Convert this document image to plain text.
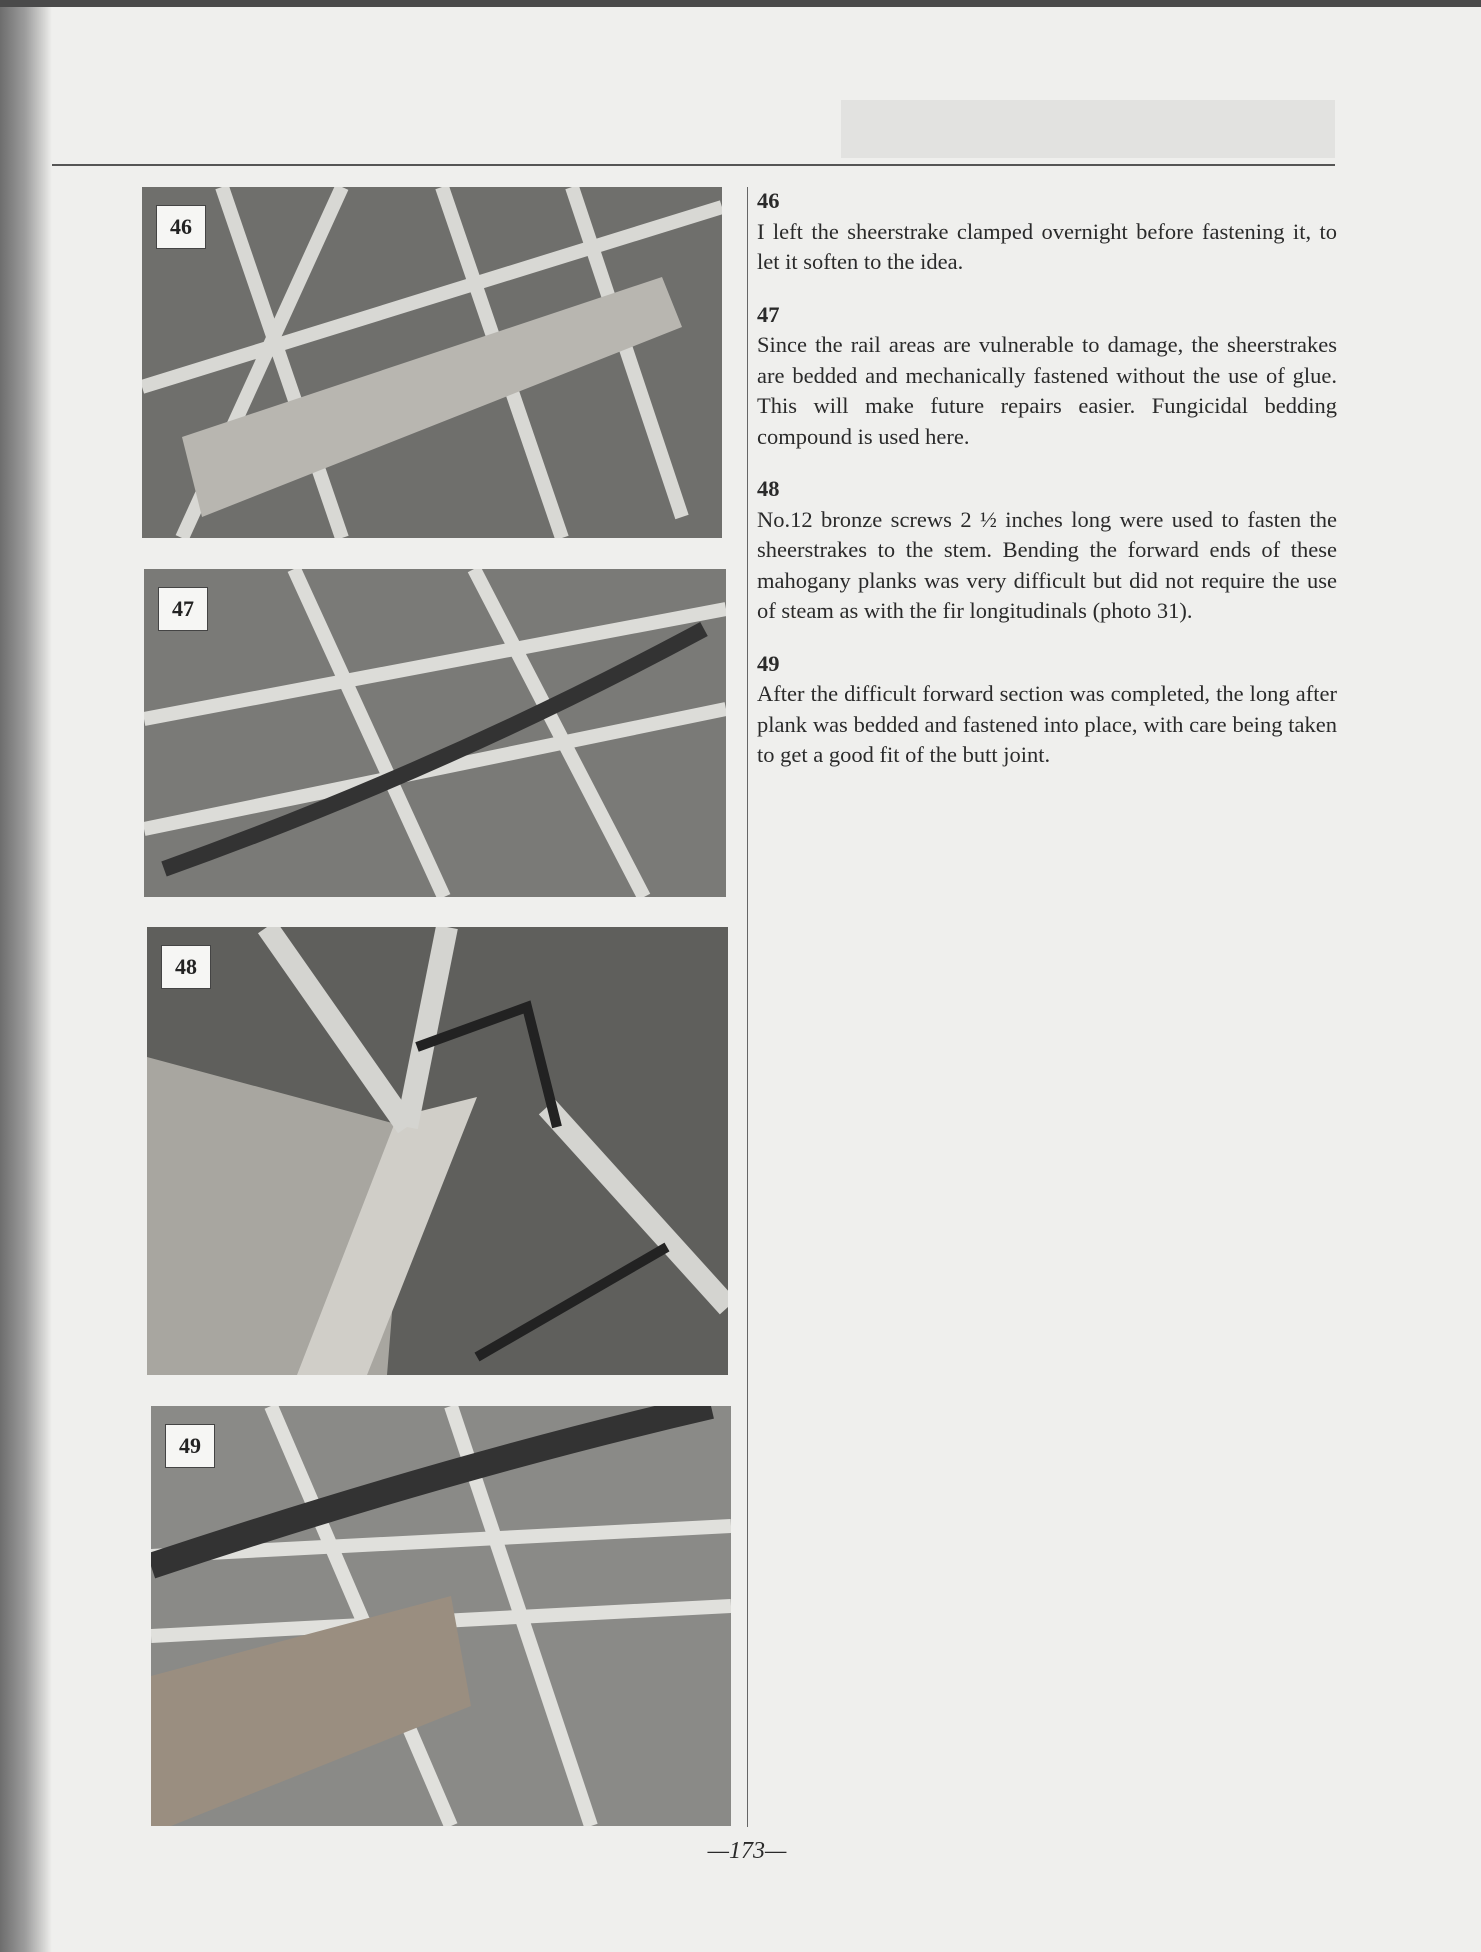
46
47
48
49
46
I left the sheerstrake clamped overnight before fastening it, to let it soften to the idea.
47
Since the rail areas are vulnerable to damage, the sheerstrakes are bedded and mechanically fastened without the use of glue. This will make future repairs easier. Fungicidal bedding compound is used here.
48
No.12 bronze screws 2 ½ inches long were used to fasten the sheerstrakes to the stem. Bending the forward ends of these mahogany planks was very difficult but did not require the use of steam as with the fir longitudinals (photo 31).
49
After the difficult forward section was completed, the long after plank was bedded and fastened into place, with care being taken to get a good fit of the butt joint.
—173—
